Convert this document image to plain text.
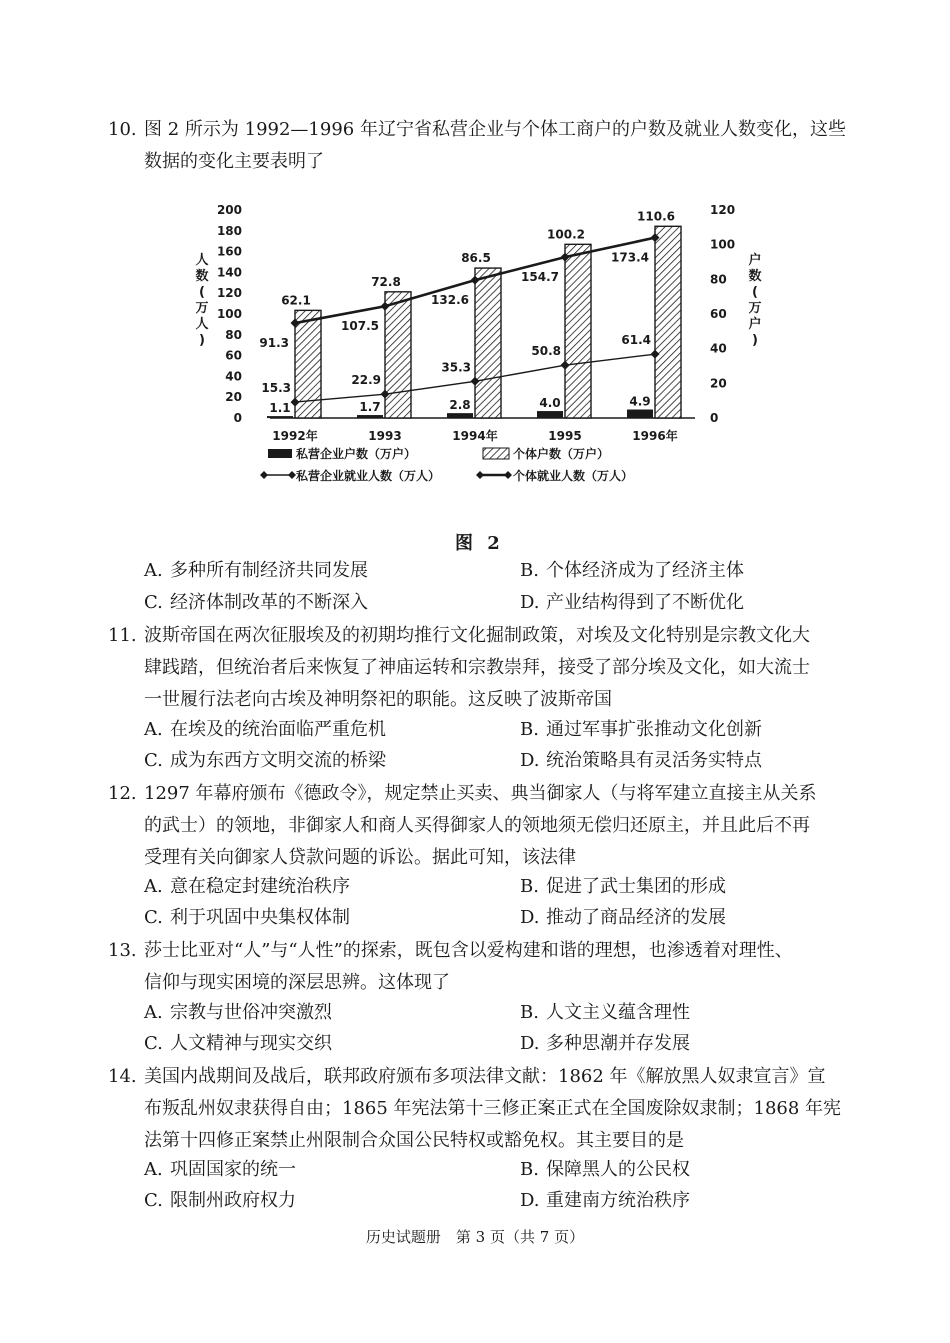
10. 图 2 所示为 1992—1996 年辽宁省私营企业与个体工商户的户数及就业人数变化，这些
数据的变化主要表明了
0
20
40
60
80
100
120
140
160
180
200
0
20
40
60
80
100
120
人
数
(
万
人
)
户
数
(
万
户
)
1.1
62.1
1992年
1.7
72.8
1993
2.8
86.5
1994年
4.0
100.2
1995
4.9
110.6
1996年
91.3
107.5
132.6
154.7
173.4
15.3
22.9
35.3
50.8
61.4
私营企业户数（万户）	个体户数（万户）
私营企业就业人数（万人）	个体就业人数（万人）
图 2
A. 多种所有制经济共同发展	B. 个体经济成为了经济主体
C. 经济体制改革的不断深入	D. 产业结构得到了不断优化
11. 波斯帝国在两次征服埃及的初期均推行文化掘制政策，对埃及文化特别是宗教文化大
肆践踏，但统治者后来恢复了神庙运转和宗教崇拜，接受了部分埃及文化，如大流士
一世履行法老向古埃及神明祭祀的职能。这反映了波斯帝国
A. 在埃及的统治面临严重危机	B. 通过军事扩张推动文化创新
C. 成为东西方文明交流的桥梁	D. 统治策略具有灵活务实特点
12. 1297 年幕府颁布《德政令》，规定禁止买卖、典当御家人（与将军建立直接主从关系
的武士）的领地，非御家人和商人买得御家人的领地须无偿归还原主，并且此后不再
受理有关向御家人贷款问题的诉讼。据此可知，该法律
A. 意在稳定封建统治秩序	B. 促进了武士集团的形成
C. 利于巩固中央集权体制	D. 推动了商品经济的发展
13. 莎士比亚对“人”与“人性”的探索，既包含以爱构建和谐的理想，也渗透着对理性、
信仰与现实困境的深层思辨。这体现了
A. 宗教与世俗冲突激烈	B. 人文主义蕴含理性
C. 人文精神与现实交织	D. 多种思潮并存发展
14. 美国内战期间及战后，联邦政府颁布多项法律文献：1862 年《解放黑人奴隶宣言》宣
布叛乱州奴隶获得自由；1865 年宪法第十三修正案正式在全国废除奴隶制；1868 年宪
法第十四修正案禁止州限制合众国公民特权或豁免权。其主要目的是
A. 巩固国家的统一	B. 保障黑人的公民权
C. 限制州政府权力	D. 重建南方统治秩序
历史试题册　第 3 页（共 7 页）
